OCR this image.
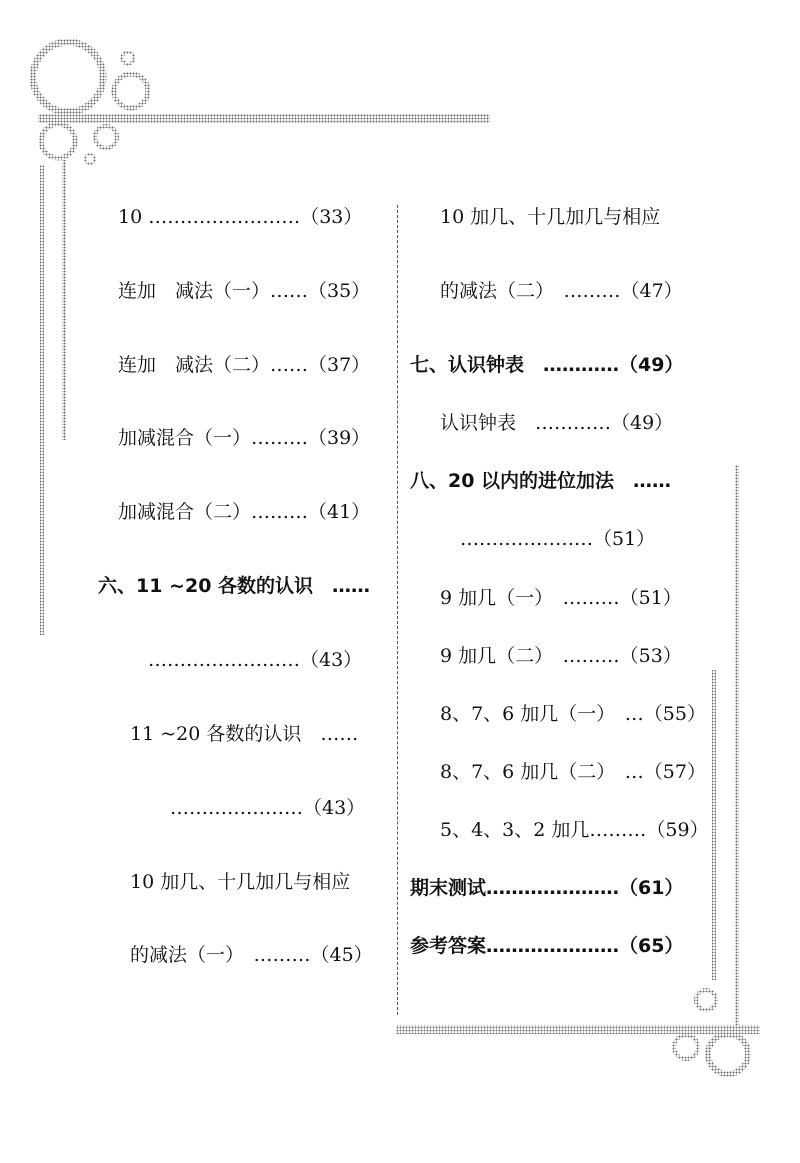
10 ……………………（33）
连加　减法（一）……（35）
连加　减法（二）……（37）
加减混合（一）………（39）
加减混合（二）………（41）
六、11 ~20 各数的认识　……
……………………（43）
11 ~20 各数的认识　……
…………………（43）
10 加几、十几加几与相应
的减法（一）　………（45）
10 加几、十几加几与相应
的减法（二）　………（47）
七、认识钟表　…………（49）
认识钟表　…………（49）
八、20 以内的进位加法　……
…………………（51）
9 加几（一）　………（51）
9 加几（二）　………（53）
8、7、6 加几（一）　…（55）
8、7、6 加几（二）　…（57）
5、4、3、2 加几………（59）
期末测试…………………（61）
参考答案…………………（65）
